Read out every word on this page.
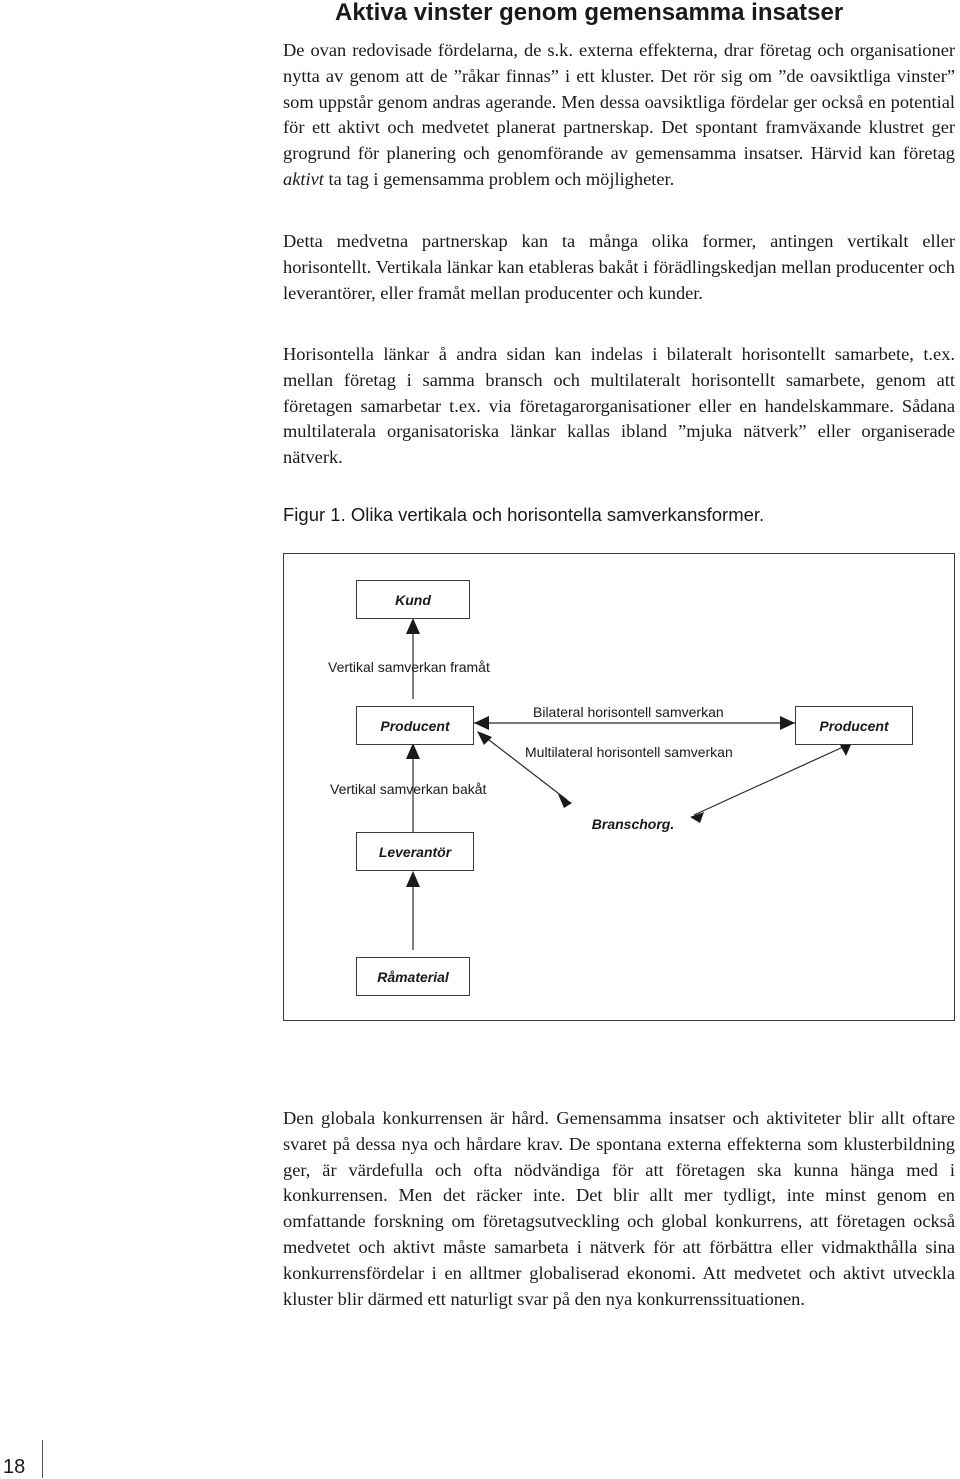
Aktiva vinster genom gemensamma insatser

De ovan redovisade fördelarna, de s.k. externa effekterna, drar företag och organisationer nytta av genom att de ”råkar finnas” i ett kluster. Det rör sig om ”de oavsiktliga vinster” som uppstår genom andras agerande. Men dessa oavsiktliga fördelar ger också en potential för ett aktivt och medvetet planerat partnerskap. Det spontant framväxande klustret ger grogrund för planering och genomförande av gemensamma insatser. Härvid kan företag aktivt ta tag i gemensamma problem och möjligheter.

Detta medvetna partnerskap kan ta många olika former, antingen vertikalt eller horisontellt. Vertikala länkar kan etableras bakåt i förädlingskedjan mellan producenter och leverantörer, eller framåt mellan producenter och kunder.

Horisontella länkar å andra sidan kan indelas i bilateralt horisontellt samarbete, t.ex. mellan företag i samma bransch och multilateralt horisontellt samarbete, genom att företagen samarbetar t.ex. via företagarorganisationer eller en handelskammare. Sådana multilaterala organisatoriska länkar kallas ibland ”mjuka nätverk” eller organiserade nätverk.

Figur 1. Olika vertikala och horisontella samverkansformer.

Kund
Producent	Producent
Leverantör
Råmaterial
Branschorg.
Vertikal samverkan framåt
Vertikal samverkan bakåt
Bilateral horisontell samverkan
Multilateral horisontell samverkan

Den globala konkurrensen är hård. Gemensamma insatser och aktiviteter blir allt oftare svaret på dessa nya och hårdare krav. De spontana externa effekterna som klusterbildning ger, är värdefulla och ofta nödvändiga för att företagen ska kunna hänga med i konkurrensen. Men det räcker inte. Det blir allt mer tydligt, inte minst genom en omfattande forskning om företagsutveckling och global konkurrens, att företagen också medvetet och aktivt måste samarbeta i nätverk för att förbättra eller vidmakthålla sina konkurrensfördelar i en alltmer globaliserad ekonomi. Att medvetet och aktivt utveckla kluster blir därmed ett naturligt svar på den nya konkurrenssituationen.

18
